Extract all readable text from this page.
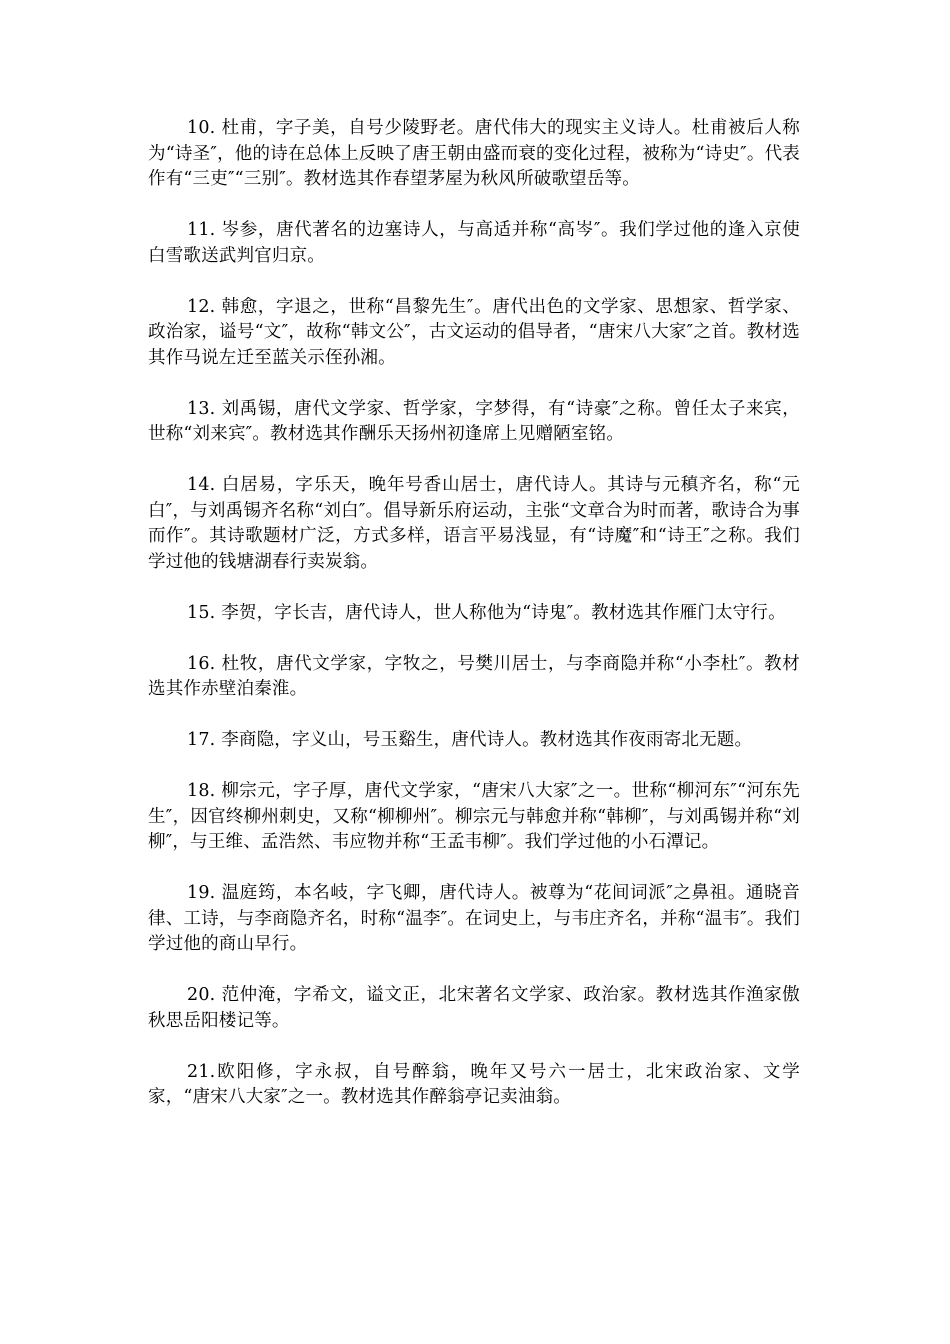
10. 杜甫，字子美，自号少陵野老。唐代伟大的现实主义诗人。杜甫被后人称为“诗圣″，他的诗在总体上反映了唐王朝由盛而衰的变化过程，被称为“诗史″。代表作有“三吏″“三别″。教材选其作春望茅屋为秋风所破歌望岳等。

11. 岑参，唐代著名的边塞诗人，与高适并称“高岑″。我们学过他的逢入京使白雪歌送武判官归京。

12. 韩愈，字退之，世称“昌黎先生″。唐代出色的文学家、思想家、哲学家、政治家，谥号“文″，故称“韩文公″，古文运动的倡导者，“唐宋八大家″之首。教材选其作马说左迁至蓝关示侄孙湘。

13. 刘禹锡，唐代文学家、哲学家，字梦得，有“诗豪″之称。曾任太子来宾，世称“刘来宾″。教材选其作酬乐天扬州初逢席上见赠陋室铭。

14. 白居易，字乐天，晚年号香山居士，唐代诗人。其诗与元稹齐名，称“元白″，与刘禹锡齐名称“刘白″。倡导新乐府运动，主张“文章合为时而著，歌诗合为事而作″。其诗歌题材广泛，方式多样，语言平易浅显，有“诗魔″和“诗王″之称。我们学过他的钱塘湖春行卖炭翁。

15. 李贺，字长吉，唐代诗人，世人称他为“诗鬼″。教材选其作雁门太守行。

16. 杜牧，唐代文学家，字牧之，号樊川居士，与李商隐并称“小李杜″。教材选其作赤壁泊秦淮。

17. 李商隐，字义山，号玉谿生，唐代诗人。教材选其作夜雨寄北无题。

18. 柳宗元，字子厚，唐代文学家，“唐宋八大家″之一。世称“柳河东″“河东先生″，因官终柳州刺史，又称“柳柳州″。柳宗元与韩愈并称“韩柳″，与刘禹锡并称“刘柳″，与王维、孟浩然、韦应物并称“王孟韦柳″。我们学过他的小石潭记。

19. 温庭筠，本名岐，字飞卿，唐代诗人。被尊为“花间词派″之鼻祖。通晓音律、工诗，与李商隐齐名，时称“温李″。在词史上，与韦庄齐名，并称“温韦″。我们学过他的商山早行。

20. 范仲淹，字希文，谥文正，北宋著名文学家、政治家。教材选其作渔家傲秋思岳阳楼记等。

21.欧阳修，字永叔，自号醉翁，晚年又号六一居士，北宋政治家、文学家，“唐宋八大家″之一。教材选其作醉翁亭记卖油翁。
